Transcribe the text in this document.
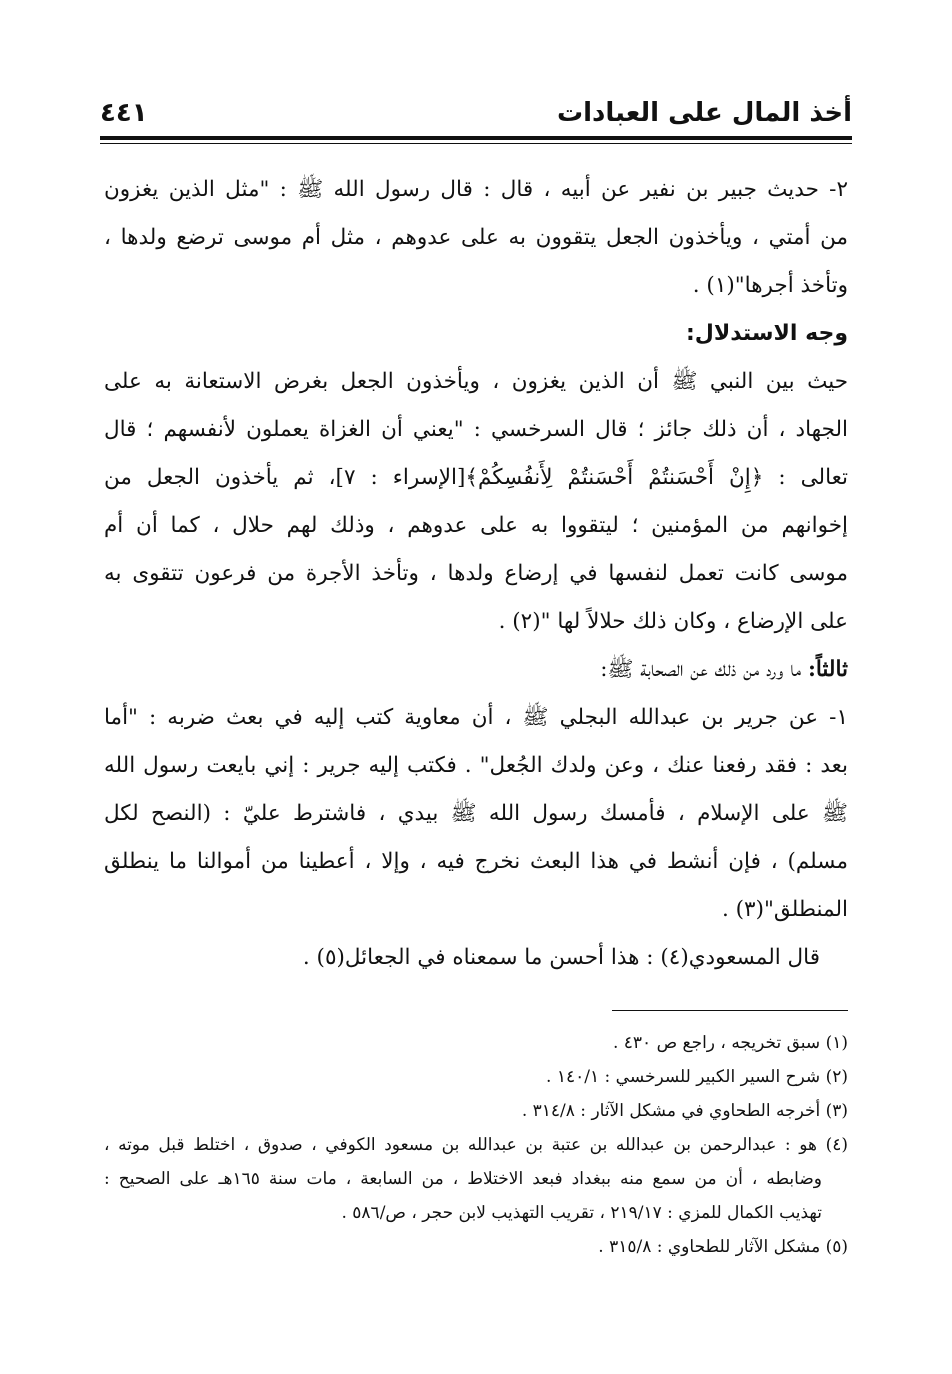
أخذ المال على العبادات
٤٤١

٢- حديث جبير بن نفير عن أبيه ، قال : قال رسول الله ﷺ : "مثل الذين يغزون
من أمتي ، ويأخذون الجعل يتقوون به على عدوهم ، مثل أم موسى ترضع ولدها ،
وتأخذ أجرها"(١) .

وجه الاستدلال:

حيث بين النبي ﷺ أن الذين يغزون ، ويأخذون الجعل بغرض الاستعانة به على
الجهاد ، أن ذلك جائز ؛ قال السرخسي : "يعني أن الغزاة يعملون لأنفسهم ؛ قال
تعالى : ﴿إِنْ أَحْسَنتُمْ أَحْسَنتُمْ لِأَنفُسِكُمْ﴾[الإسراء : ٧]، ثم يأخذون الجعل من
إخوانهم من المؤمنين ؛ ليتقووا به على عدوهم ، وذلك لهم حلال ، كما أن أم
موسى كانت تعمل لنفسها في إرضاع ولدها ، وتأخذ الأجرة من فرعون تتقوى به
على الإرضاع ، وكان ذلك حلالاً لها "(٢) .

ثالثاً: ما ورد من ذلك عن الصحابة ﷺ:

١- عن جرير بن عبدالله البجلي ﷺ ، أن معاوية كتب إليه في بعث ضربه : "أما
بعد : فقد رفعنا عنك ، وعن ولدك الجُعل" . فكتب إليه جرير : إني بايعت رسول الله
ﷺ على الإسلام ، فأمسك رسول الله ﷺ بيدي ، فاشترط عليّ : (النصح لكل
مسلم) ، فإن أنشط في هذا البعث نخرج فيه ، وإلا ، أعطينا من أموالنا ما ينطلق
المنطلق"(٣) .

قال المسعودي(٤) : هذا أحسن ما سمعناه في الجعائل(٥) .

(١) سبق تخريجه ، راجع ص ٤٣٠ .
(٢) شرح السير الكبير للسرخسي : ١٤٠/١ .
(٣) أخرجه الطحاوي في مشكل الآثار : ٣١٤/٨ .
(٤) هو : عبدالرحمن بن عبدالله بن عتبة بن عبدالله بن مسعود الكوفي ، صدوق ، اختلط قبل موته ،
وضابطه ، أن من سمع منه ببغداد فبعد الاختلاط ، من السابعة ، مات سنة ١٦٥هـ على الصحيح :
تهذيب الكمال للمزي : ٢١٩/١٧ ، تقريب التهذيب لابن حجر ، ص/٥٨٦ .
(٥) مشكل الآثار للطحاوي : ٣١٥/٨ .
